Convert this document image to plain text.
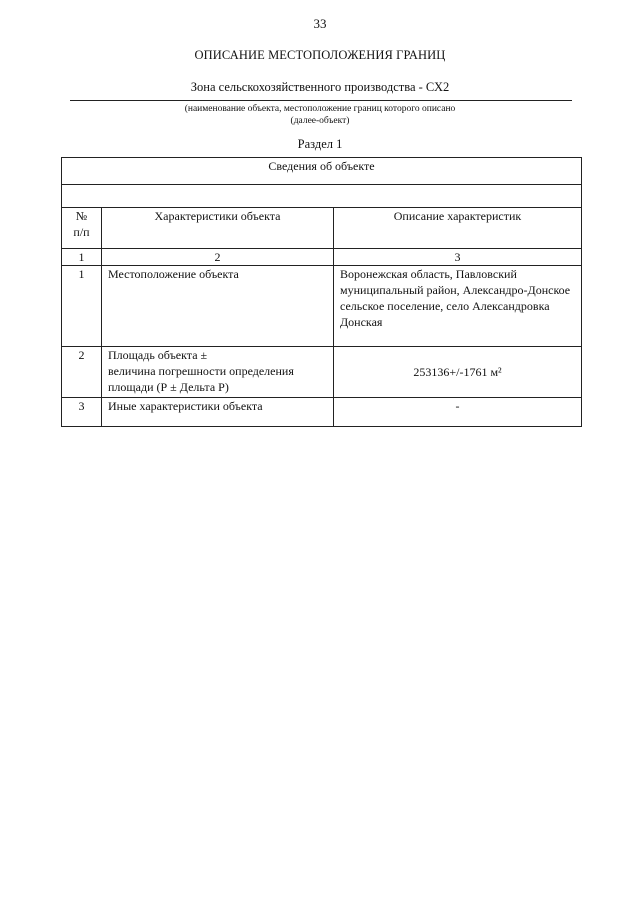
33
ОПИСАНИЕ МЕСТОПОЛОЖЕНИЯ ГРАНИЦ
Зона сельскохозяйственного производства - СХ2
(наименование объекта, местоположение границ которого описано
(далее-объект)
Раздел 1
Сведения об объекте		

№
п/п	Характеристики объекта	Описание характеристик
1	2	3
1	Местоположение объекта	Воронежская область, Павловский муниципальный район, Александро-Донское сельское поселение, село Александровка Донская
2	Площадь объекта ±
величина погрешности определения
площади (Р ± Дельта Р)	253136+/-1761 м²
3	Иные характеристики объекта	-
